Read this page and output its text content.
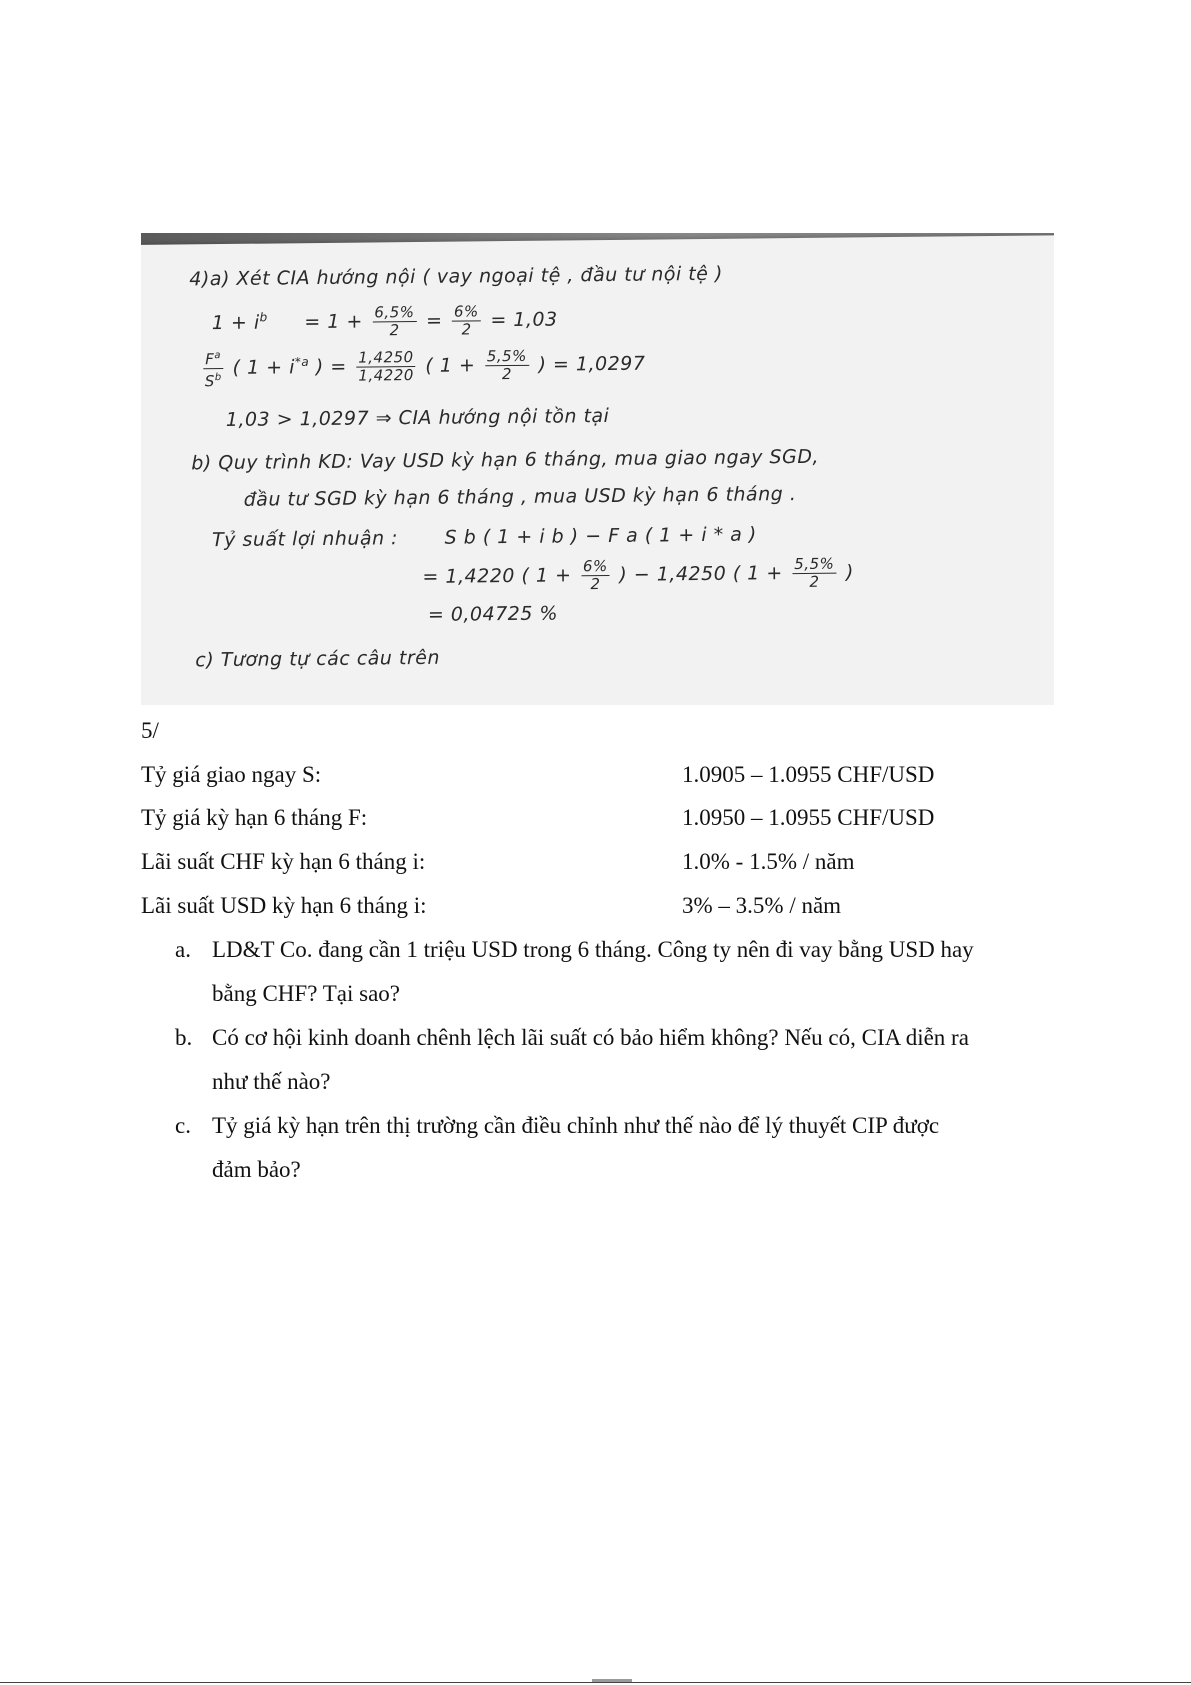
4)a) Xét CIA hướng nội ( vay ngoại tệ , đầu tư nội tệ )
$1 + i^b = 1 + \frac{6,5\%}{2} = \frac{6\%}{2} = 1,03$
$\frac{F^a}{S^b}$ ( $1 + i^{*a}$ ) = $\frac{1,4250}{1,4220}$ ( $1 + \frac{5,5\%}{2}$ ) = 1,0297
1,03 > 1,0297 ⇒ CIA hướng nội tồn tại
b) Quy trình KD: Vay USD kỳ hạn 6 tháng, mua giao ngay SGD,
đầu tư SGD kỳ hạn 6 tháng , mua USD kỳ hạn 6 tháng .
Tỷ suất lợi nhuận : S b ( 1 + i b ) − F a ( 1 + i * a )
= 1,4220 ( $1 + \frac{6\%}{2}$ ) − 1,4250 ( $1 + \frac{5,5\%}{2}$ )
= 0,04725 %
c) Tương tự các câu trên
5/
Tỷ giá giao ngay S:	1.0905 – 1.0955 CHF/USD
Tỷ giá kỳ hạn 6 tháng F:	1.0950 – 1.0955 CHF/USD
Lãi suất CHF kỳ hạn 6 tháng i:	1.0% - 1.5% / năm
Lãi suất USD kỳ hạn 6 tháng i:	3% – 3.5% / năm
a. LD&T Co. đang cần 1 triệu USD trong 6 tháng. Công ty nên đi vay bằng USD hay
bằng CHF? Tại sao?
b. Có cơ hội kinh doanh chênh lệch lãi suất có bảo hiểm không? Nếu có, CIA diễn ra
như thế nào?
c. Tỷ giá kỳ hạn trên thị trường cần điều chỉnh như thế nào để lý thuyết CIP được
đảm bảo?
